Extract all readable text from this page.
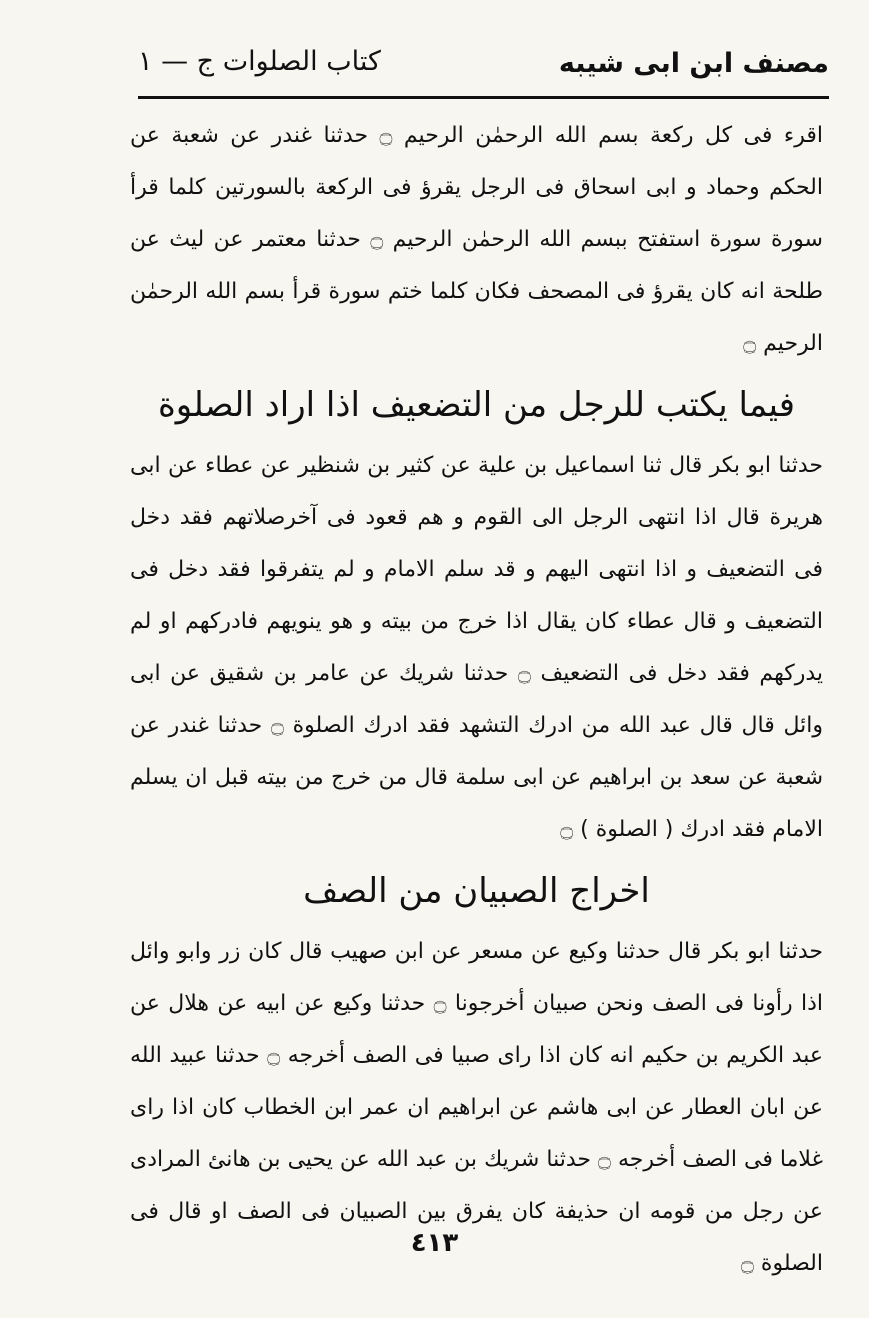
كتاب الصلوات ج — ١	مصنف ابن ابى شيبه

اقرء فى كل ركعة بسم الله الرحمٰن الرحيم ۝ حدثنا غندر عن شعبة عن الحكم وحماد و ابى اسحاق فى الرجل يقرؤ فى الركعة بالسورتين كلما قرأ سورة سورة استفتح ببسم الله الرحمٰن الرحيم ۝ حدثنا معتمر عن ليث عن طلحة انه كان يقرؤ فى المصحف فكان كلما ختم سورة قرأ بسم الله الرحمٰن الرحيم ۝

فيما يكتب للرجل من التضعيف اذا اراد الصلوة

حدثنا ابو بكر قال ثنا اسماعيل بن علية عن كثير بن شنظير عن عطاء عن ابى هريرة قال اذا انتهى الرجل الى القوم و هم قعود فى آخرصلاتهم فقد دخل فى التضعيف و اذا انتهى اليهم و قد سلم الامام و لم يتفرقوا فقد دخل فى التضعيف و قال عطاء كان يقال اذا خرج من بيته و هو ينويهم فادركهم او لم يدركهم فقد دخل فى التضعيف ۝ حدثنا شريك عن عامر بن شقيق عن ابى وائل قال قال عبد الله من ادرك التشهد فقد ادرك الصلوة ۝ حدثنا غندر عن شعبة عن سعد بن ابراهيم عن ابى سلمة قال من خرج من بيته قبل ان يسلم الامام فقد ادرك ( الصلوة ) ۝

اخراج الصبيان من الصف

حدثنا ابو بكر قال حدثنا وكيع عن مسعر عن ابن صهيب قال كان زر وابو وائل اذا رأونا فى الصف ونحن صبيان أخرجونا ۝ حدثنا وكيع عن ابيه عن هلال عن عبد الكريم بن حكيم انه كان اذا راى صبيا فى الصف أخرجه ۝ حدثنا عبيد الله عن ابان العطار عن ابى هاشم عن ابراهيم ان عمر ابن الخطاب كان اذا راى غلاما فى الصف أخرجه ۝ حدثنا شريك بن عبد الله عن يحيى بن هانئ المرادى عن رجل من قومه ان حذيفة كان يفرق بين الصبيان فى الصف او قال فى الصلوة ۝

٤١٣
